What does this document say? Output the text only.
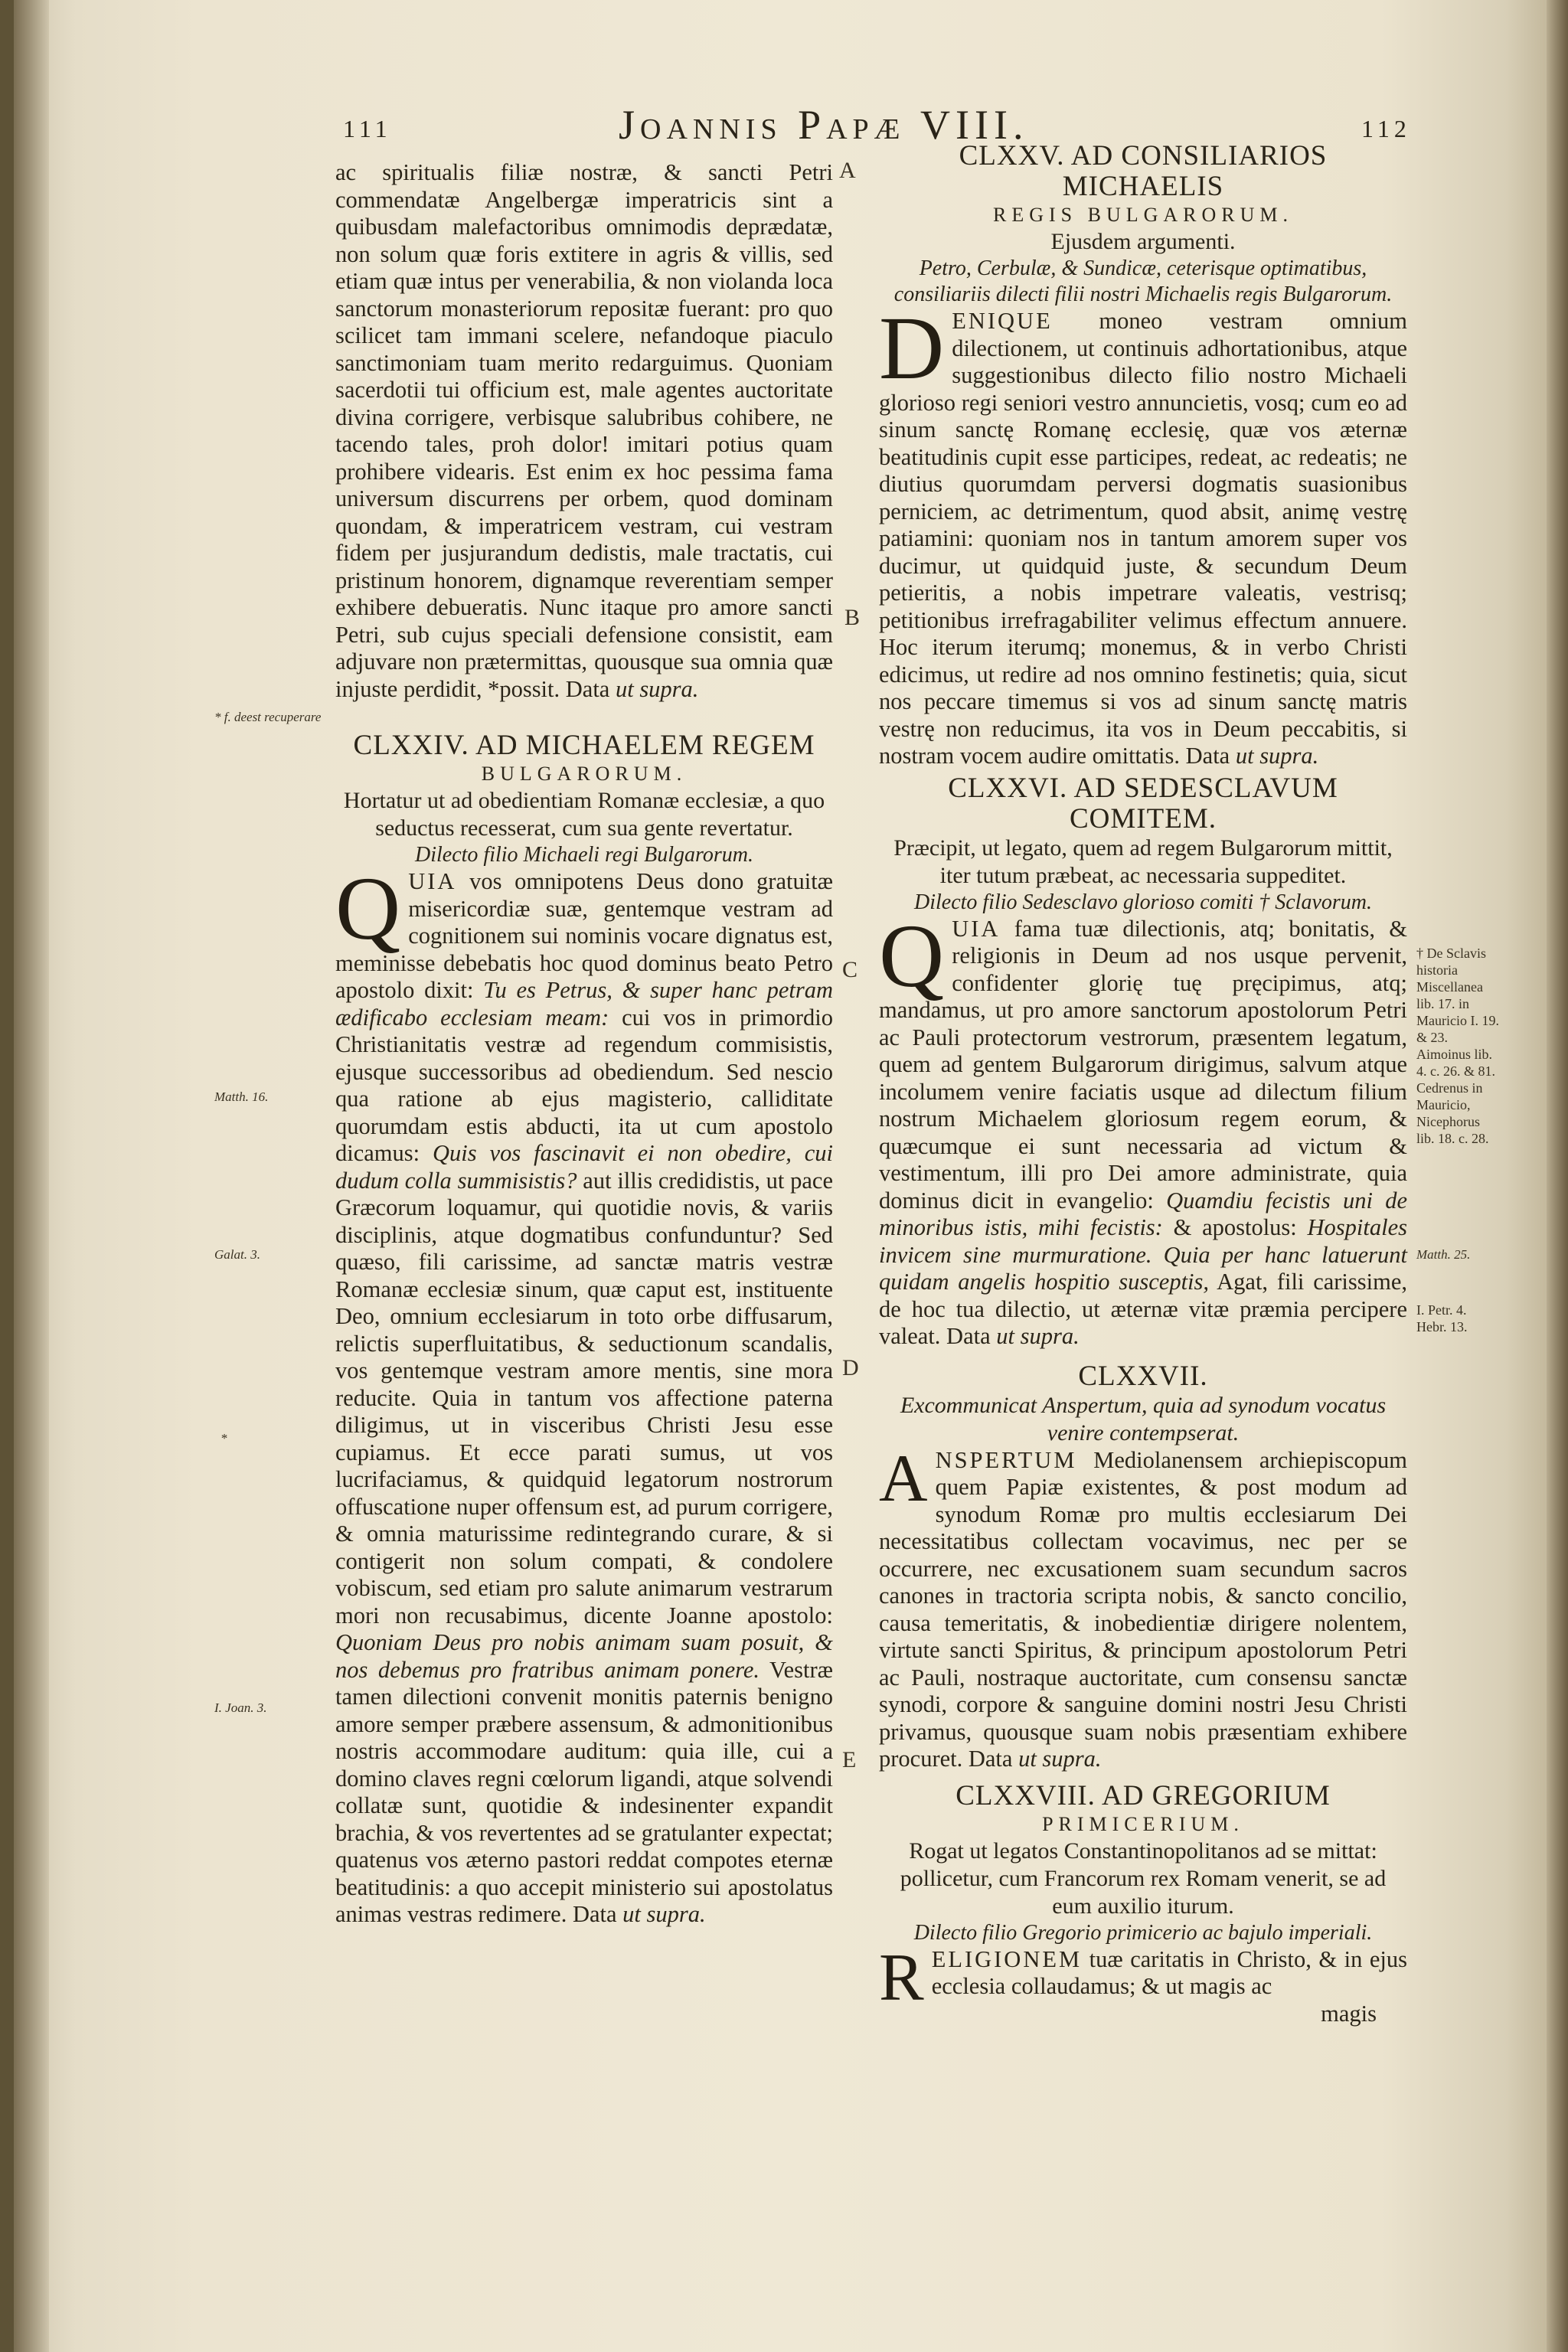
111	Joannis Papæ VIII.	112
A
B
C
D
E
* f. deest recuperare
Matth. 16.
Galat. 3.
*
I. Joan. 3.
† De Sclavis historia Miscellanea lib. 17. in Mauricio I. 19. & 23. Aimoinus lib. 4. c. 26. & 81. Cedrenus in Mauricio, Nicephorus lib. 18. c. 28.
Matth. 25.
I. Petr. 4. Hebr. 13.

ac spiritualis filiæ nostræ, & sancti Petri commendatæ Angelbergæ imperatricis sint a quibusdam malefactoribus omnimodis deprædatæ, non solum quæ foris extitere in agris & villis, sed etiam quæ intus per venerabilia, & non violanda loca sanctorum monasteriorum repositæ fuerant: pro quo scilicet tam immani scelere, nefandoque piaculo sanctimoniam tuam merito redarguimus. Quoniam sacerdotii tui officium est, male agentes auctoritate divina corrigere, verbisque salubribus cohibere, ne tacendo tales, proh dolor! imitari potius quam prohibere videaris. Est enim ex hoc pessima fama universum discurrens per orbem, quod dominam quondam, & imperatricem vestram, cui vestram fidem per jusjurandum dedistis, male tractatis, cui pristinum honorem, dignamque reverentiam semper exhibere debueratis. Nunc itaque pro amore sancti Petri, sub cujus speciali defensione consistit, eam adjuvare non prætermittas, quousque sua omnia quæ injuste perdidit, *possit. Data ut supra.

CLXXIV. AD MICHAELEM REGEM

BULGARORUM.

Hortatur ut ad obedientiam Romanæ ecclesiæ, a quo seductus recesserat, cum sua gente revertatur.

Dilecto filio Michaeli regi Bulgarorum.

Q UIA vos omnipotens Deus dono gratuitæ misericordiæ suæ, gentemque vestram ad cognitionem sui nominis vocare dignatus est, meminisse debebatis hoc quod dominus beato Petro apostolo dixit: Tu es Petrus, & super hanc petram ædificabo ecclesiam meam: cui vos in primordio Christianitatis vestræ ad regendum commisistis, ejusque successoribus ad obediendum. Sed nescio qua ratione ab ejus magisterio, calliditate quorumdam estis abducti, ita ut cum apostolo dicamus: Quis vos fascinavit ei non obedire, cui dudum colla summisistis? aut illis credidistis, ut pace Græcorum loquamur, qui quotidie novis, & variis disciplinis, atque dogmatibus confunduntur? Sed quæso, fili carissime, ad sanctæ matris vestræ Romanæ ecclesiæ sinum, quæ caput est, instituente Deo, omnium ecclesiarum in toto orbe diffusarum, relictis superfluitatibus, & seductionum scandalis, vos gentemque vestram amore mentis, sine mora reducite. Quia in tantum vos affectione paterna diligimus, ut in visceribus Christi Jesu esse cupiamus. Et ecce parati sumus, ut vos lucrifaciamus, & quidquid legatorum nostrorum offuscatione nuper offensum est, ad purum corrigere, & omnia maturissime redintegrando curare, & si contigerit non solum compati, & condolere vobiscum, sed etiam pro salute animarum vestrarum mori non recusabimus, dicente Joanne apostolo: Quoniam Deus pro nobis animam suam posuit, & nos debemus pro fratribus animam ponere. Vestræ tamen dilectioni convenit monitis paternis benigno amore semper præbere assensum, & admonitionibus nostris accommodare auditum: quia ille, cui a domino claves regni cœlorum ligandi, atque solvendi collatæ sunt, quotidie & indesinenter expandit brachia, & vos revertentes ad se gratulanter expectat; quatenus vos æterno pastori reddat compotes eternæ beatitudinis: a quo accepit ministerio sui apostolatus animas vestras redimere. Data ut supra.

CLXXV. AD CONSILIARIOS MICHAELIS

REGIS BULGARORUM.

Ejusdem argumenti.

Petro, Cerbulæ, & Sundicæ, ceterisque optimatibus, consiliariis dilecti filii nostri Michaelis regis Bulgarorum.

D ENIQUE moneo vestram omnium dilectionem, ut continuis adhortationibus, atque suggestionibus dilecto filio nostro Michaeli glorioso regi seniori vestro annuncietis, vosq; cum eo ad sinum sanctę Romanę ecclesię, quæ vos æternæ beatitudinis cupit esse participes, redeat, ac redeatis; ne diutius quorumdam perversi dogmatis suasionibus perniciem, ac detrimentum, quod absit, animę vestrę patiamini: quoniam nos in tantum amorem super vos ducimur, ut quidquid juste, & secundum Deum petieritis, a nobis impetrare valeatis, vestrisq; petitionibus irrefragabiliter velimus effectum annuere. Hoc iterum iterumq; monemus, & in verbo Christi edicimus, ut redire ad nos omnino festinetis; quia, sicut nos peccare timemus si vos ad sinum sanctę matris vestrę non reducimus, ita vos in Deum peccabitis, si nostram vocem audire omittatis. Data ut supra.

CLXXVI. AD SEDESCLAVUM COMITEM.

Præcipit, ut legato, quem ad regem Bulgarorum mittit, iter tutum præbeat, ac necessaria suppeditet.

Dilecto filio Sedesclavo glorioso comiti † Sclavorum.

Q UIA fama tuæ dilectionis, atq; bonitatis, & religionis in Deum ad nos usque pervenit, confidenter glorię tuę pręcipimus, atq; mandamus, ut pro amore sanctorum apostolorum Petri ac Pauli protectorum vestrorum, præsentem legatum, quem ad gentem Bulgarorum dirigimus, salvum atque incolumem venire faciatis usque ad dilectum filium nostrum Michaelem gloriosum regem eorum, & quæcumque ei sunt necessaria ad victum & vestimentum, illi pro Dei amore administrate, quia dominus dicit in evangelio: Quamdiu fecistis uni de minoribus istis, mihi fecistis: & apostolus: Hospitales invicem sine murmuratione. Quia per hanc latuerunt quidam angelis hospitio susceptis, Agat, fili carissime, de hoc tua dilectio, ut æternæ vitæ præmia percipere valeat. Data ut supra.

CLXXVII.

Excommunicat Anspertum, quia ad synodum vocatus venire contempserat.

A NSPERTUM Mediolanensem archiepiscopum quem Papiæ existentes, & post modum ad synodum Romæ pro multis ecclesiarum Dei necessitatibus collectam vocavimus, nec per se occurrere, nec excusationem suam secundum sacros canones in tractoria scripta nobis, & sancto concilio, causa temeritatis, & inobedientiæ dirigere nolentem, virtute sancti Spiritus, & principum apostolorum Petri ac Pauli, nostraque auctoritate, cum consensu sanctæ synodi, corpore & sanguine domini nostri Jesu Christi privamus, quousque suam nobis præsentiam exhibere procuret. Data ut supra.

CLXXVIII. AD GREGORIUM

PRIMICERIUM.

Rogat ut legatos Constantinopolitanos ad se mittat: pollicetur, cum Francorum rex Romam venerit, se ad eum auxilio iturum.

Dilecto filio Gregorio primicerio ac bajulo imperiali.

R ELIGIONEM tuæ caritatis in Christo, & in ejus ecclesia collaudamus; & ut magis ac

magis
